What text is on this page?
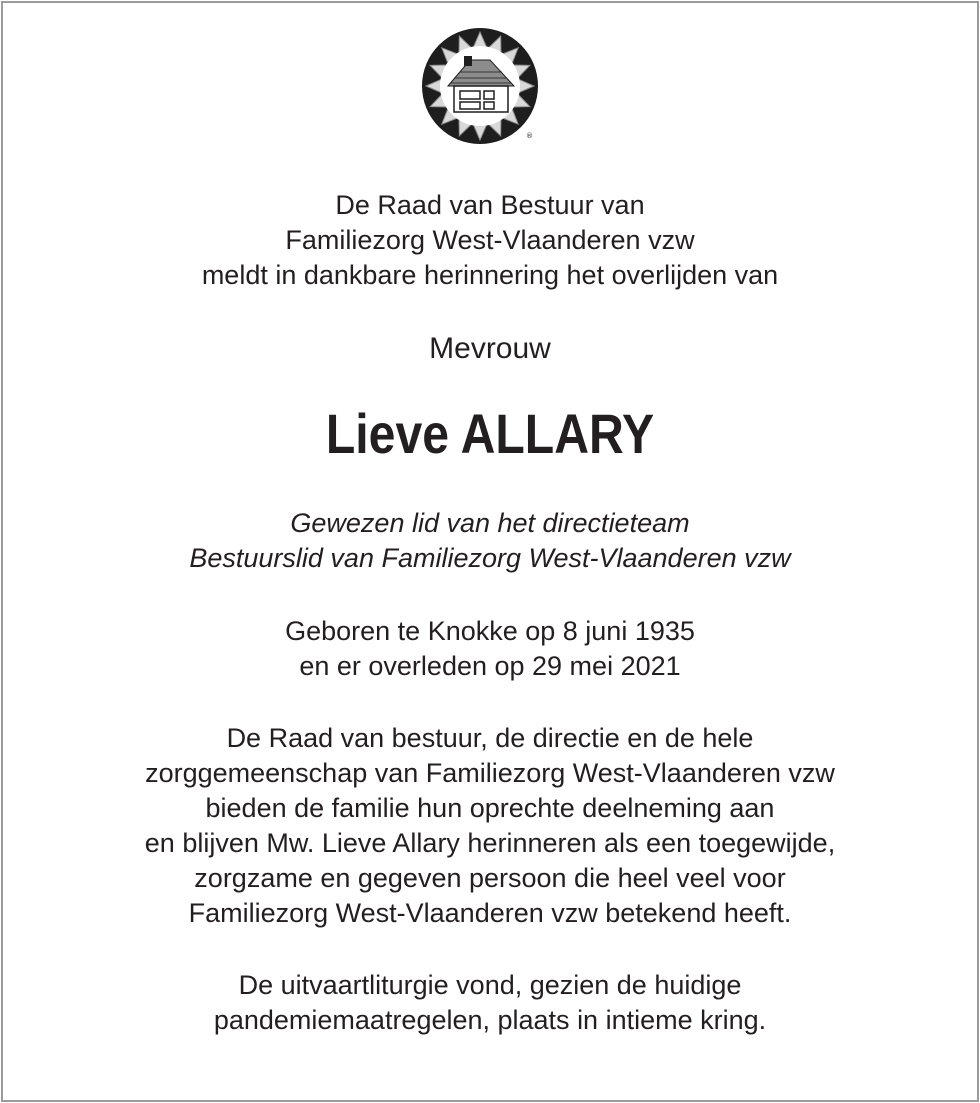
®
De Raad van Bestuur van
Familiezorg West-Vlaanderen vzw
meldt in dankbare herinnering het overlijden van
Mevrouw
Lieve ALLARY
Gewezen lid van het directieteam
Bestuurslid van Familiezorg West-Vlaanderen vzw
Geboren te Knokke op 8 juni 1935
en er overleden op 29 mei 2021
De Raad van bestuur, de directie en de hele
zorggemeenschap van Familiezorg West-Vlaanderen vzw
bieden de familie hun oprechte deelneming aan
en blijven Mw. Lieve Allary herinneren als een toegewijde,
zorgzame en gegeven persoon die heel veel voor
Familiezorg West-Vlaanderen vzw betekend heeft.
De uitvaartliturgie vond, gezien de huidige
pandemiemaatregelen, plaats in intieme kring.
